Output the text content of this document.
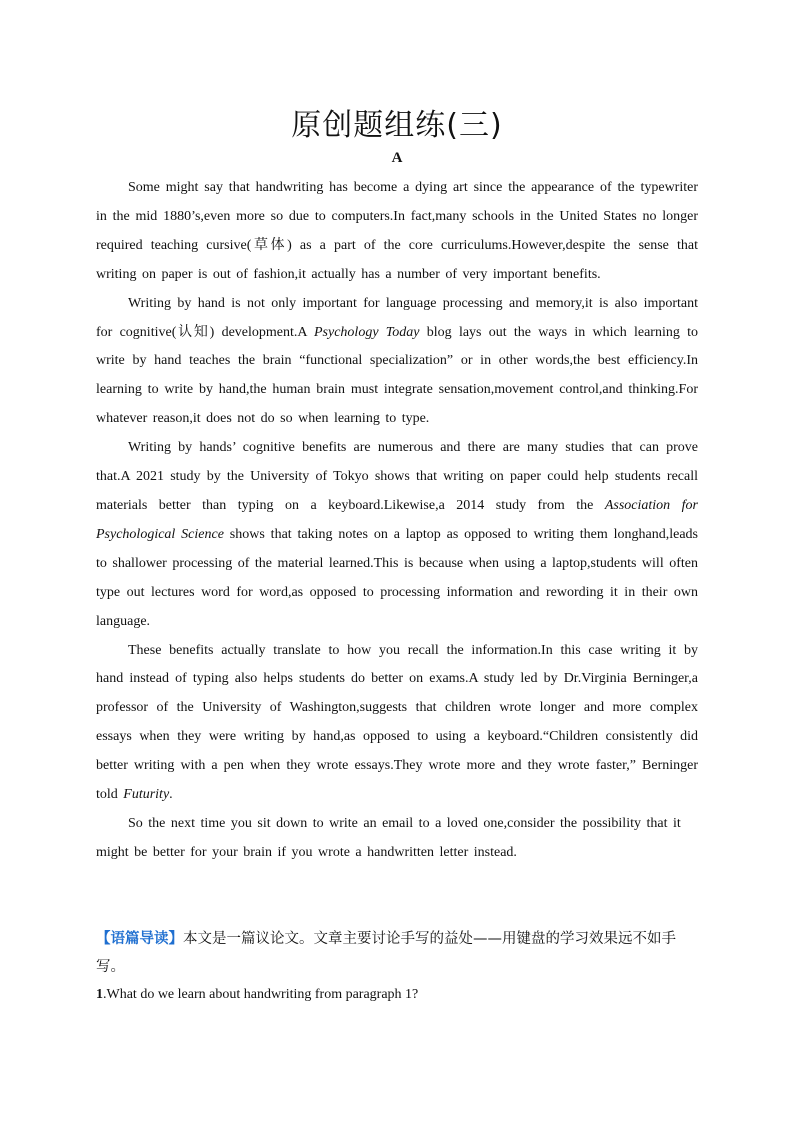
原创题组练(三)
A

Some might say that handwriting has become a dying art since the appearance of the typewriter in the mid 1880’s,even more so due to computers.In fact,many schools in the United States no longer required teaching cursive(草体) as a part of the core curriculums.However,despite the sense that writing on paper is out of fashion,it actually has a number of very important benefits.

Writing by hand is not only important for language processing and memory,it is also important for cognitive(认知) development.A Psychology Today blog lays out the ways in which learning to write by hand teaches the brain “functional specialization” or in other words,the best efficiency.In learning to write by hand,the human brain must integrate sensation,movement control,and thinking.For whatever reason,it does not do so when learning to type.

Writing by hands’ cognitive benefits are numerous and there are many studies that can prove that.A 2021 study by the University of Tokyo shows that writing on paper could help students recall materials better than typing on a keyboard.Likewise,a 2014 study from the Association for Psychological Science shows that taking notes on a laptop as opposed to writing them longhand,leads to shallower processing of the material learned.This is because when using a laptop,students will often type out lectures word for word,as opposed to processing information and rewording it in their own language.

These benefits actually translate to how you recall the information.In this case writing it by hand instead of typing also helps students do better on exams.A study led by Dr.Virginia Berninger,a professor of the University of Washington,suggests that children wrote longer and more complex essays when they were writing by hand,as opposed to using a keyboard.“Children consistently did better writing with a pen when they wrote essays.They wrote more and they wrote faster,” Berninger told Futurity.

So the next time you sit down to write an email to a loved one,consider the possibility that it might be better for your brain if you wrote a handwritten letter instead.

【语篇导读】本文是一篇议论文。文章主要讨论手写的益处——用键盘的学习效果远不如手写。

1.What do we learn about handwriting from paragraph 1?
